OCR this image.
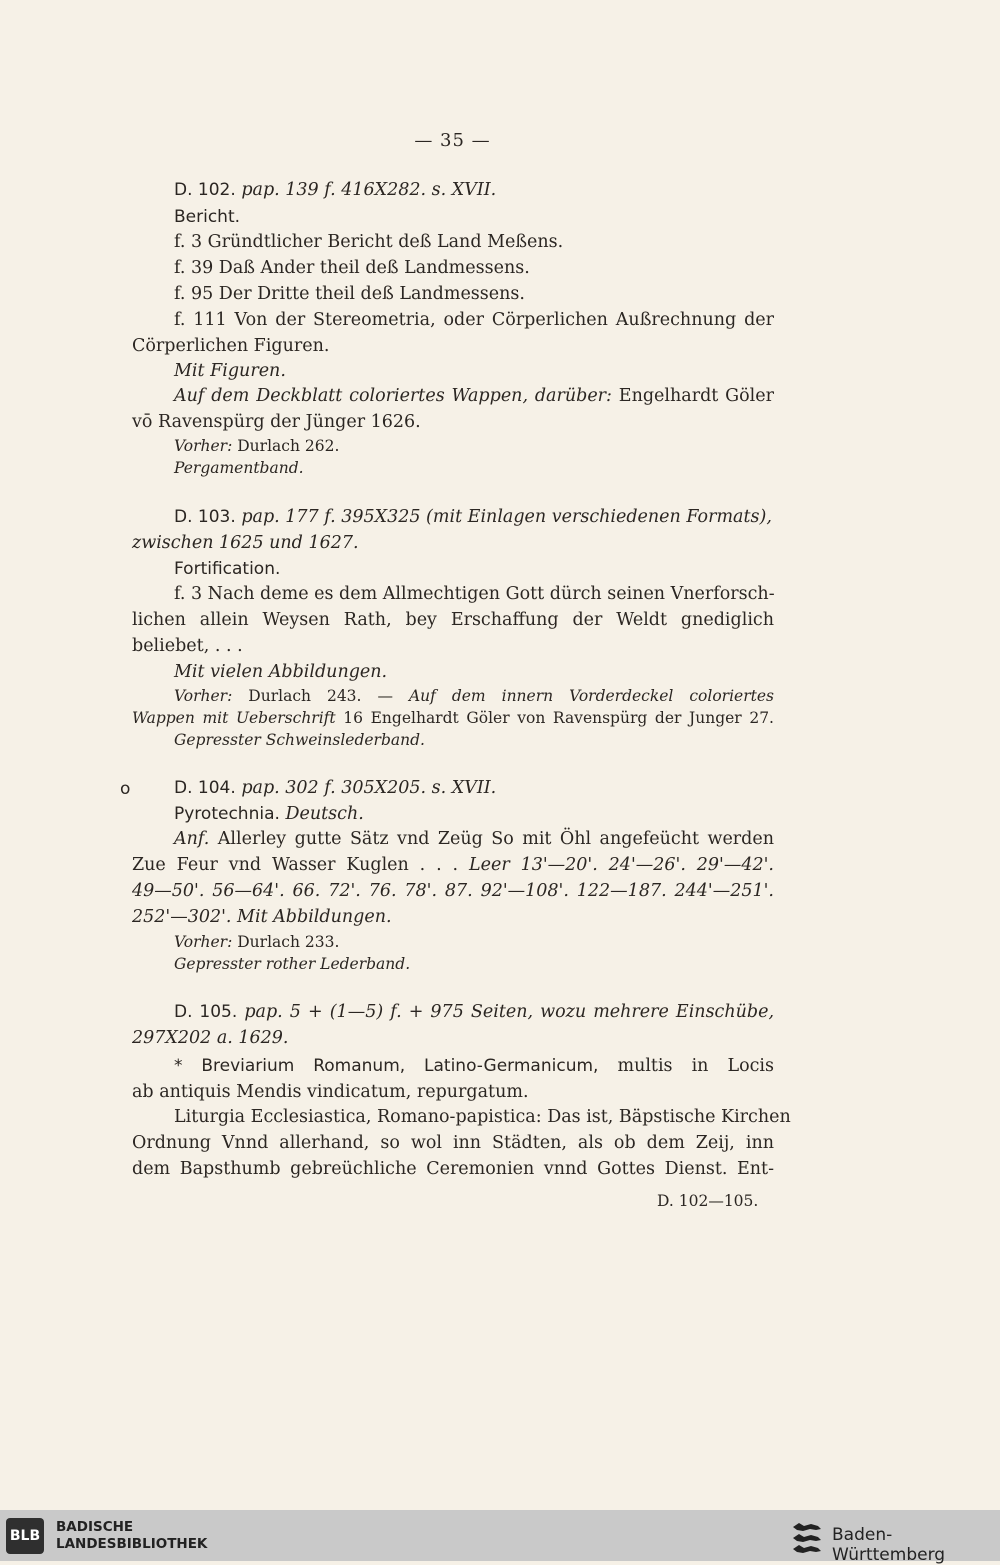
— 35 —
D. 102. pap. 139 f. 416X282. s. XVII.
Bericht.
f. 3 Gründtlicher Bericht deß Land Meßens.
f. 39 Daß Ander theil deß Landmessens.
f. 95 Der Dritte theil deß Landmessens.
f. 111 Von der Stereometria, oder Cörperlichen Außrechnung der
Cörperlichen Figuren.
Mit Figuren.
Auf dem Deckblatt coloriertes Wappen, darüber: Engelhardt Göler
vō Ravenspürg der Jünger 1626.
Vorher: Durlach 262.
Pergamentband.
D. 103. pap. 177 f. 395X325 (mit Einlagen verschiedenen Formats),
zwischen 1625 und 1627.
Fortification.
f. 3 Nach deme es dem Allmechtigen Gott dürch seinen Vnerforsch-
lichen allein Weysen Rath, bey Erschaffung der Weldt gnediglich
beliebet, . . .
Mit vielen Abbildungen.
Vorher: Durlach 243. — Auf dem innern Vorderdeckel coloriertes
Wappen mit Ueberschrift 16 Engelhardt Göler von Ravenspürg der Junger 27.
Gepresster Schweinslederband.
o	D. 104. pap. 302 f. 305X205. s. XVII.
Pyrotechnia. Deutsch.
Anf. Allerley gutte Sätz vnd Zeüg So mit Öhl angefeücht werden
Zue Feur vnd Wasser Kuglen . . . Leer 13'—20'. 24'—26'. 29'—42'.
49—50'. 56—64'. 66. 72'. 76. 78'. 87. 92'—108'. 122—187. 244'—251'.
252'—302'. Mit Abbildungen.
Vorher: Durlach 233.
Gepresster rother Lederband.
D. 105. pap. 5 + (1—5) f. + 975 Seiten, wozu mehrere Einschübe,
297X202 a. 1629.
* Breviarium Romanum, Latino-Germanicum, multis in Locis
ab antiquis Mendis vindicatum, repurgatum.
Liturgia Ecclesiastica, Romano-papistica: Das ist, Bäpstische Kirchen
Ordnung Vnnd allerhand, so wol inn Städten, als ob dem Zeij, inn
dem Bapsthumb gebreüchliche Ceremonien vnnd Gottes Dienst. Ent-
D. 102—105.
BLB
BADISCHE
LANDESBIBLIOTHEK	Baden-Württemberg
